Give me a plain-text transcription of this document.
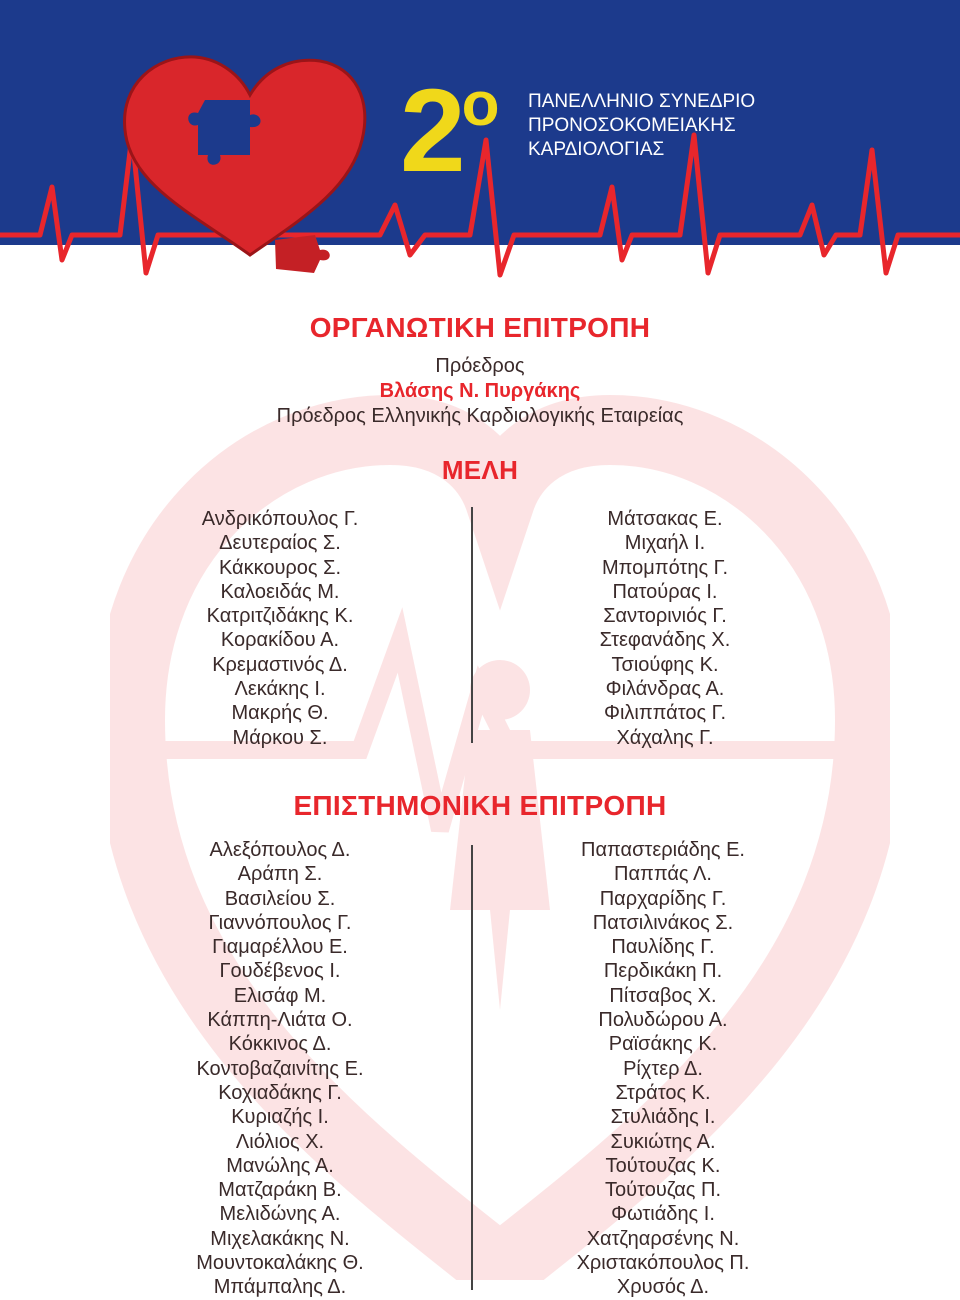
$2^o$ ΠΑΝΕΛΛΗΝΙΟ ΣΥΝΕΔΡΙΟ
ΠΡΟΝΟΣΟΚΟΜΕΙΑΚΗΣ
ΚΑΡΔΙΟΛΟΓΙΑΣ
ΟΡΓΑΝΩΤΙΚΗ ΕΠΙΤΡΟΠΗ
Πρόεδρος
Βλάσης Ν. Πυργάκης
Πρόεδρος Ελληνικής Καρδιολογικής Εταιρείας
ΜΕΛΗ
Ανδρικόπουλος Γ.
Δευτεραίος Σ.
Κάκκουρος Σ.
Καλοειδάς Μ.
Κατριτζιδάκης Κ.
Κορακίδου Α.
Κρεμαστινός Δ.
Λεκάκης Ι.
Μακρής Θ.
Μάρκου Σ.
Μάτσακας Ε.
Μιχαήλ Ι.
Μπομπότης Γ.
Πατούρας Ι.
Σαντορινιός Γ.
Στεφανάδης Χ.
Τσιούφης Κ.
Φιλάνδρας Α.
Φιλιππάτος Γ.
Χάχαλης Γ.
ΕΠΙΣΤΗΜΟΝΙΚΗ ΕΠΙΤΡΟΠΗ
Αλεξόπουλος Δ.
Αράπη Σ.
Βασιλείου Σ.
Γιαννόπουλος Γ.
Γιαμαρέλλου Ε.
Γουδέβενος Ι.
Ελισάφ Μ.
Κάππη-Λιάτα Ο.
Κόκκινος Δ.
Κοντοβαζαινίτης Ε.
Κοχιαδάκης Γ.
Κυριαζής Ι.
Λιόλιος Χ.
Μανώλης Α.
Ματζαράκη Β.
Μελιδώνης Α.
Μιχελακάκης Ν.
Μουντοκαλάκης Θ.
Μπάμπαλης Δ.
Παπαστεριάδης Ε.
Παππάς Λ.
Παρχαρίδης Γ.
Πατσιλινάκος Σ.
Παυλίδης Γ.
Περδικάκη Π.
Πίτσαβος Χ.
Πολυδώρου Α.
Ραϊσάκης Κ.
Ρίχτερ Δ.
Στράτος Κ.
Στυλιάδης Ι.
Συκιώτης Α.
Τούτουζας Κ.
Τούτουζας Π.
Φωτιάδης Ι.
Χατζηαρσένης Ν.
Χριστακόπουλος Π.
Χρυσός Δ.
